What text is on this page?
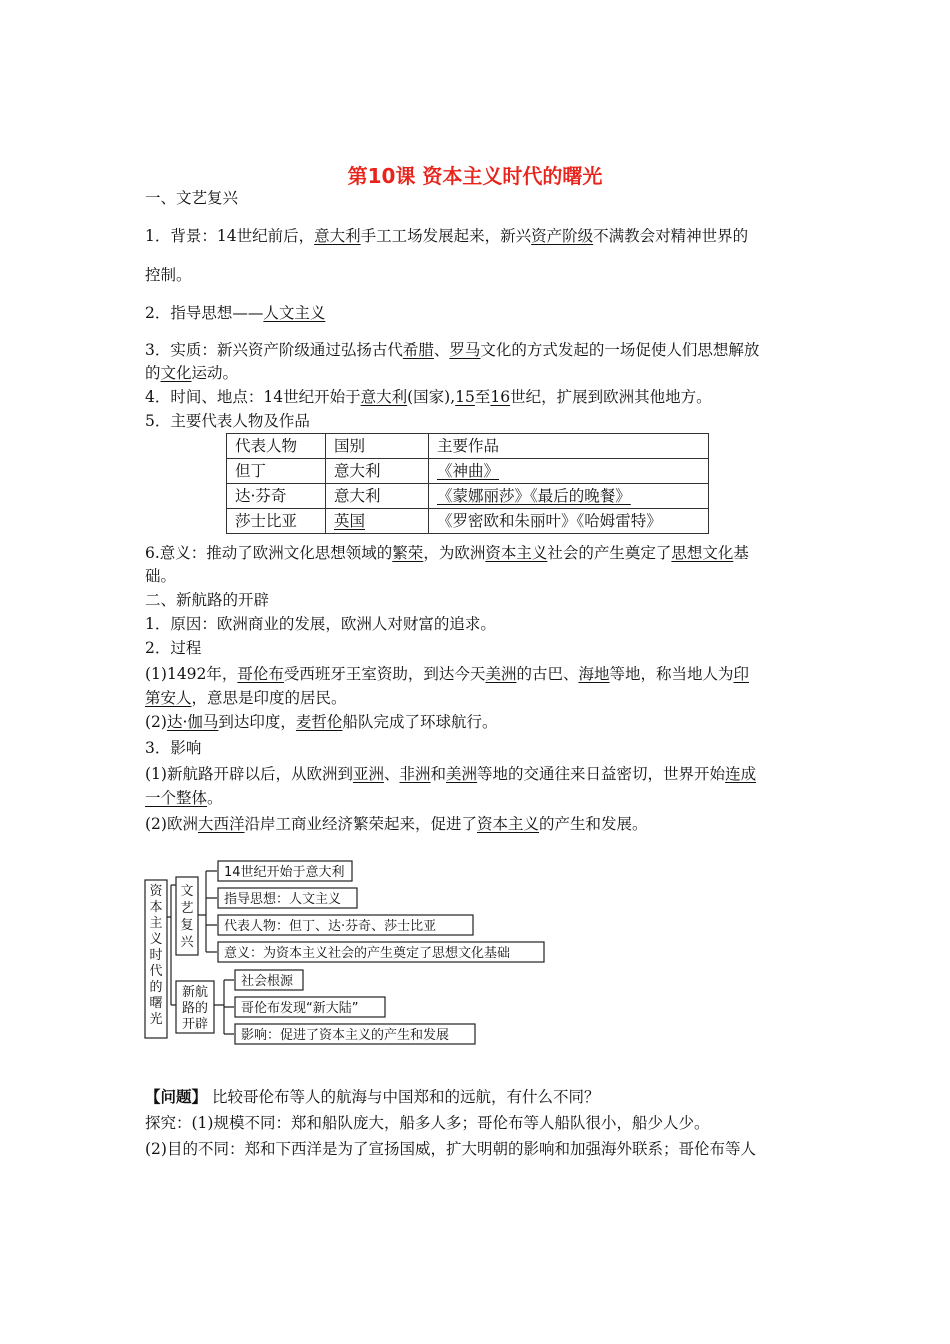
第10课 资本主义时代的曙光
一、文艺复兴
1．背景：14世纪前后，意大利手工工场发展起来，新兴资产阶级不满教会对精神世界的
控制。
2．指导思想——人文主义
3．实质：新兴资产阶级通过弘扬古代希腊、罗马文化的方式发起的一场促使人们思想解放
的文化运动。
4．时间、地点：14世纪开始于意大利(国家),15至16世纪，扩展到欧洲其他地方。
5．主要代表人物及作品
代表人物	国别	主要作品
但丁	意大利	《神曲》
达·芬奇	意大利	《蒙娜丽莎》《最后的晚餐》
莎士比亚	英国	《罗密欧和朱丽叶》《哈姆雷特》
6.意义：推动了欧洲文化思想领域的繁荣，为欧洲资本主义社会的产生奠定了思想文化基
础。
二、新航路的开辟
1．原因：欧洲商业的发展，欧洲人对财富的追求。
2．过程
(1)1492年，哥伦布受西班牙王室资助，到达今天美洲的古巴、海地等地，称当地人为印
第安人，意思是印度的居民。
(2)达·伽马到达印度，麦哲伦船队完成了环球航行。
3．影响
(1)新航路开辟以后，从欧洲到亚洲、非洲和美洲等地的交通往来日益密切，世界开始连成
一个整体。
(2)欧洲大西洋沿岸工商业经济繁荣起来，促进了资本主义的产生和发展。
资
本
主
义
时
代
的
曙
光
文
艺
复
兴
新航
路的
开辟
14世纪开始于意大利
指导思想：人文主义
代表人物：但丁、达·芬奇、莎士比亚
意义：为资本主义社会的产生奠定了思想文化基础
社会根源
哥伦布发现“新大陆”
影响：促进了资本主义的产生和发展
【问题】 比较哥伦布等人的航海与中国郑和的远航，有什么不同？
探究：(1)规模不同：郑和船队庞大，船多人多；哥伦布等人船队很小，船少人少。
(2)目的不同：郑和下西洋是为了宣扬国威，扩大明朝的影响和加强海外联系；哥伦布等人
